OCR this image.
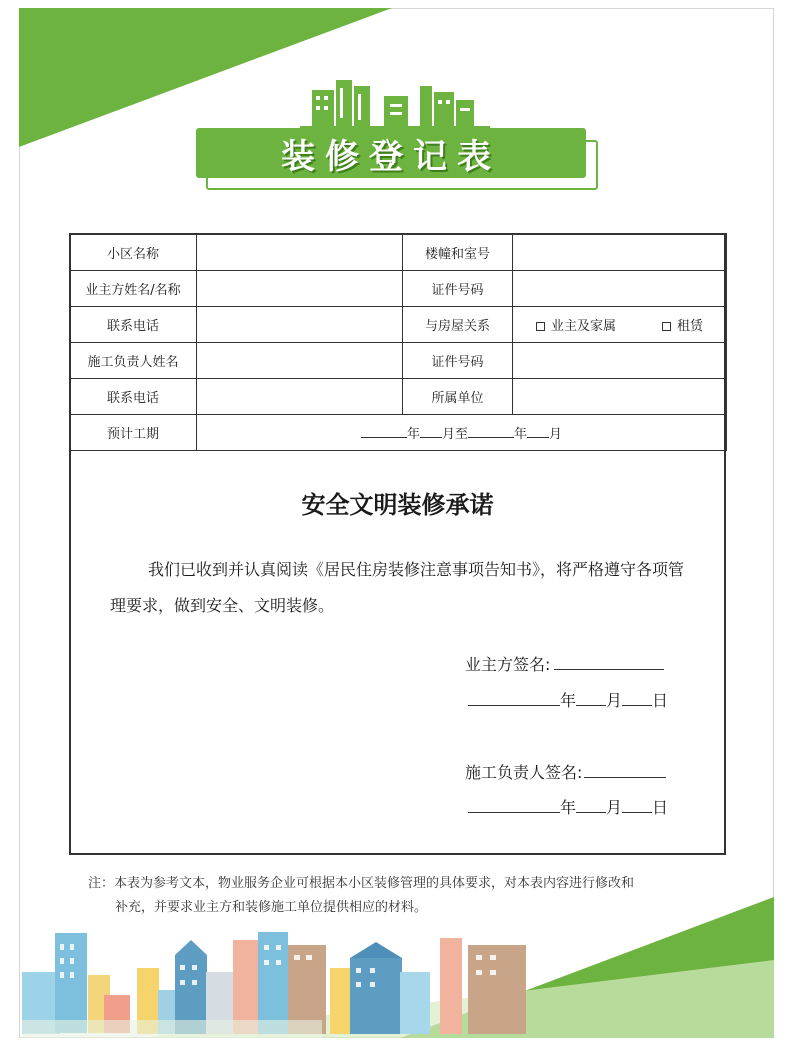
装修登记表
小区名称		楼幢和室号	
业主方姓名/名称		证件号码	
联系电话		与房屋关系	业主及家属 租赁

施工负责人姓名		证件号码	
联系电话		所属单位	
预计工期	年 月至 年 月		
安全文明装修承诺
我们已收到并认真阅读《居民住房装修注意事项告知书》，将严格遵守各项管理要求，做到安全、文明装修。
业主方签名:
年 月 日
施工负责人签名:
年 月 日
注：本表为参考文本，物业服务企业可根据本小区装修管理的具体要求，对本表内容进行修改和
补充，并要求业主方和装修施工单位提供相应的材料。
